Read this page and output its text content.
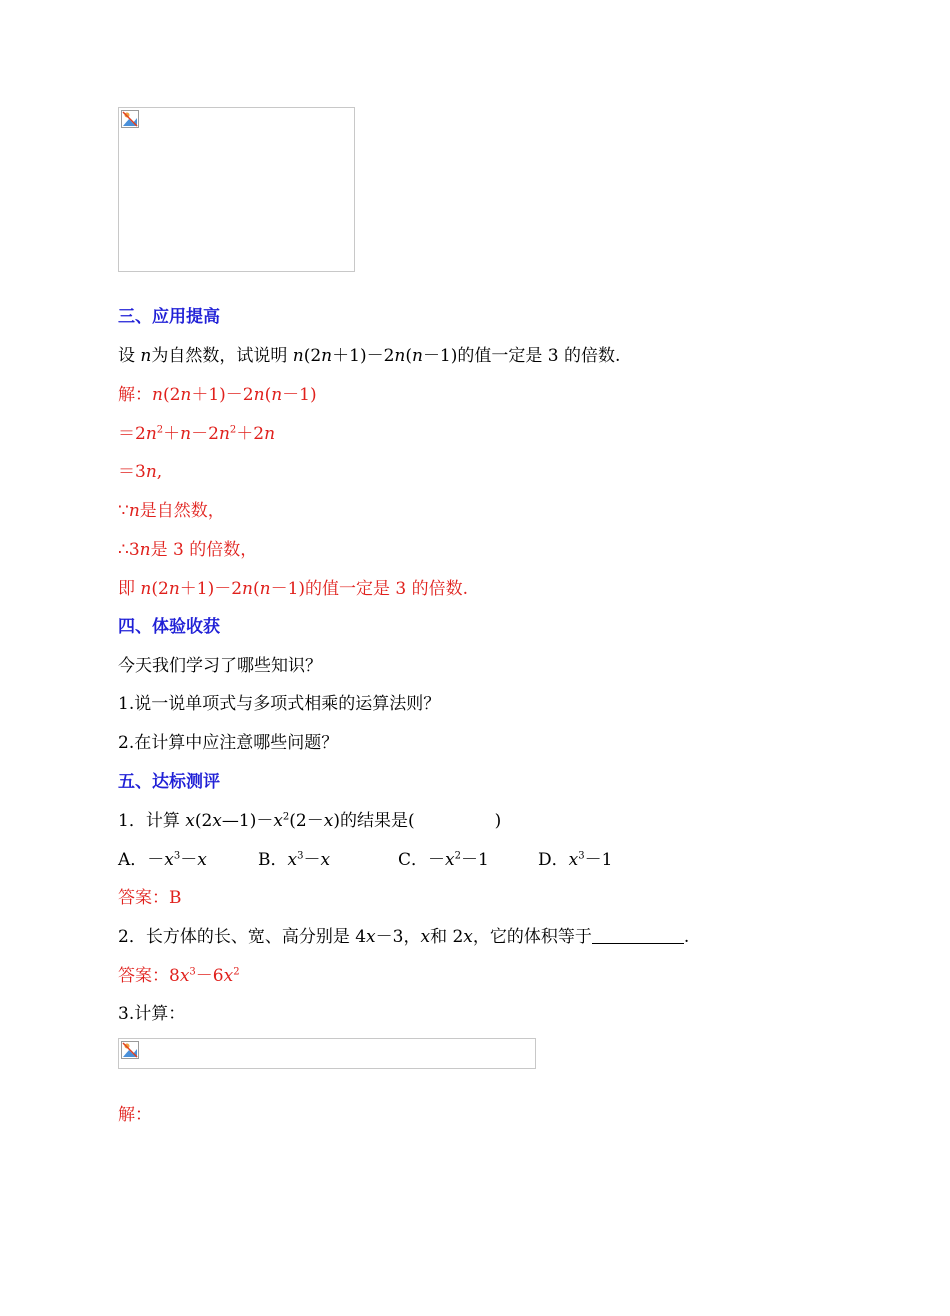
三、应用提高
设 n为自然数，试说明 n(2n＋1)－2n(n－1)的值一定是 3 的倍数.
解：n(2n＋1)－2n(n－1)
$=2n^2+n-2n^2+2n$
＝3n,
∵n是自然数，
∴3n是 3 的倍数，
即 n(2n＋1)－2n(n－1)的值一定是 3 的倍数.
四、体验收获
今天我们学习了哪些知识？
1.说一说单项式与多项式相乘的运算法则？
2.在计算中应注意哪些问题？
五、达标测评
1．计算 $x(2x—1)-x^2(2-x)$的结果是(	)
A．$-x^3-x$	B．$x^3-x$	C．$-x^2-1$	D．$x^3-1$
答案：B
2．长方体的长、宽、高分别是 4x－3，x和 2x，它的体积等于	.
答案：$8x^3-6x^2$
3.计算：
解：
